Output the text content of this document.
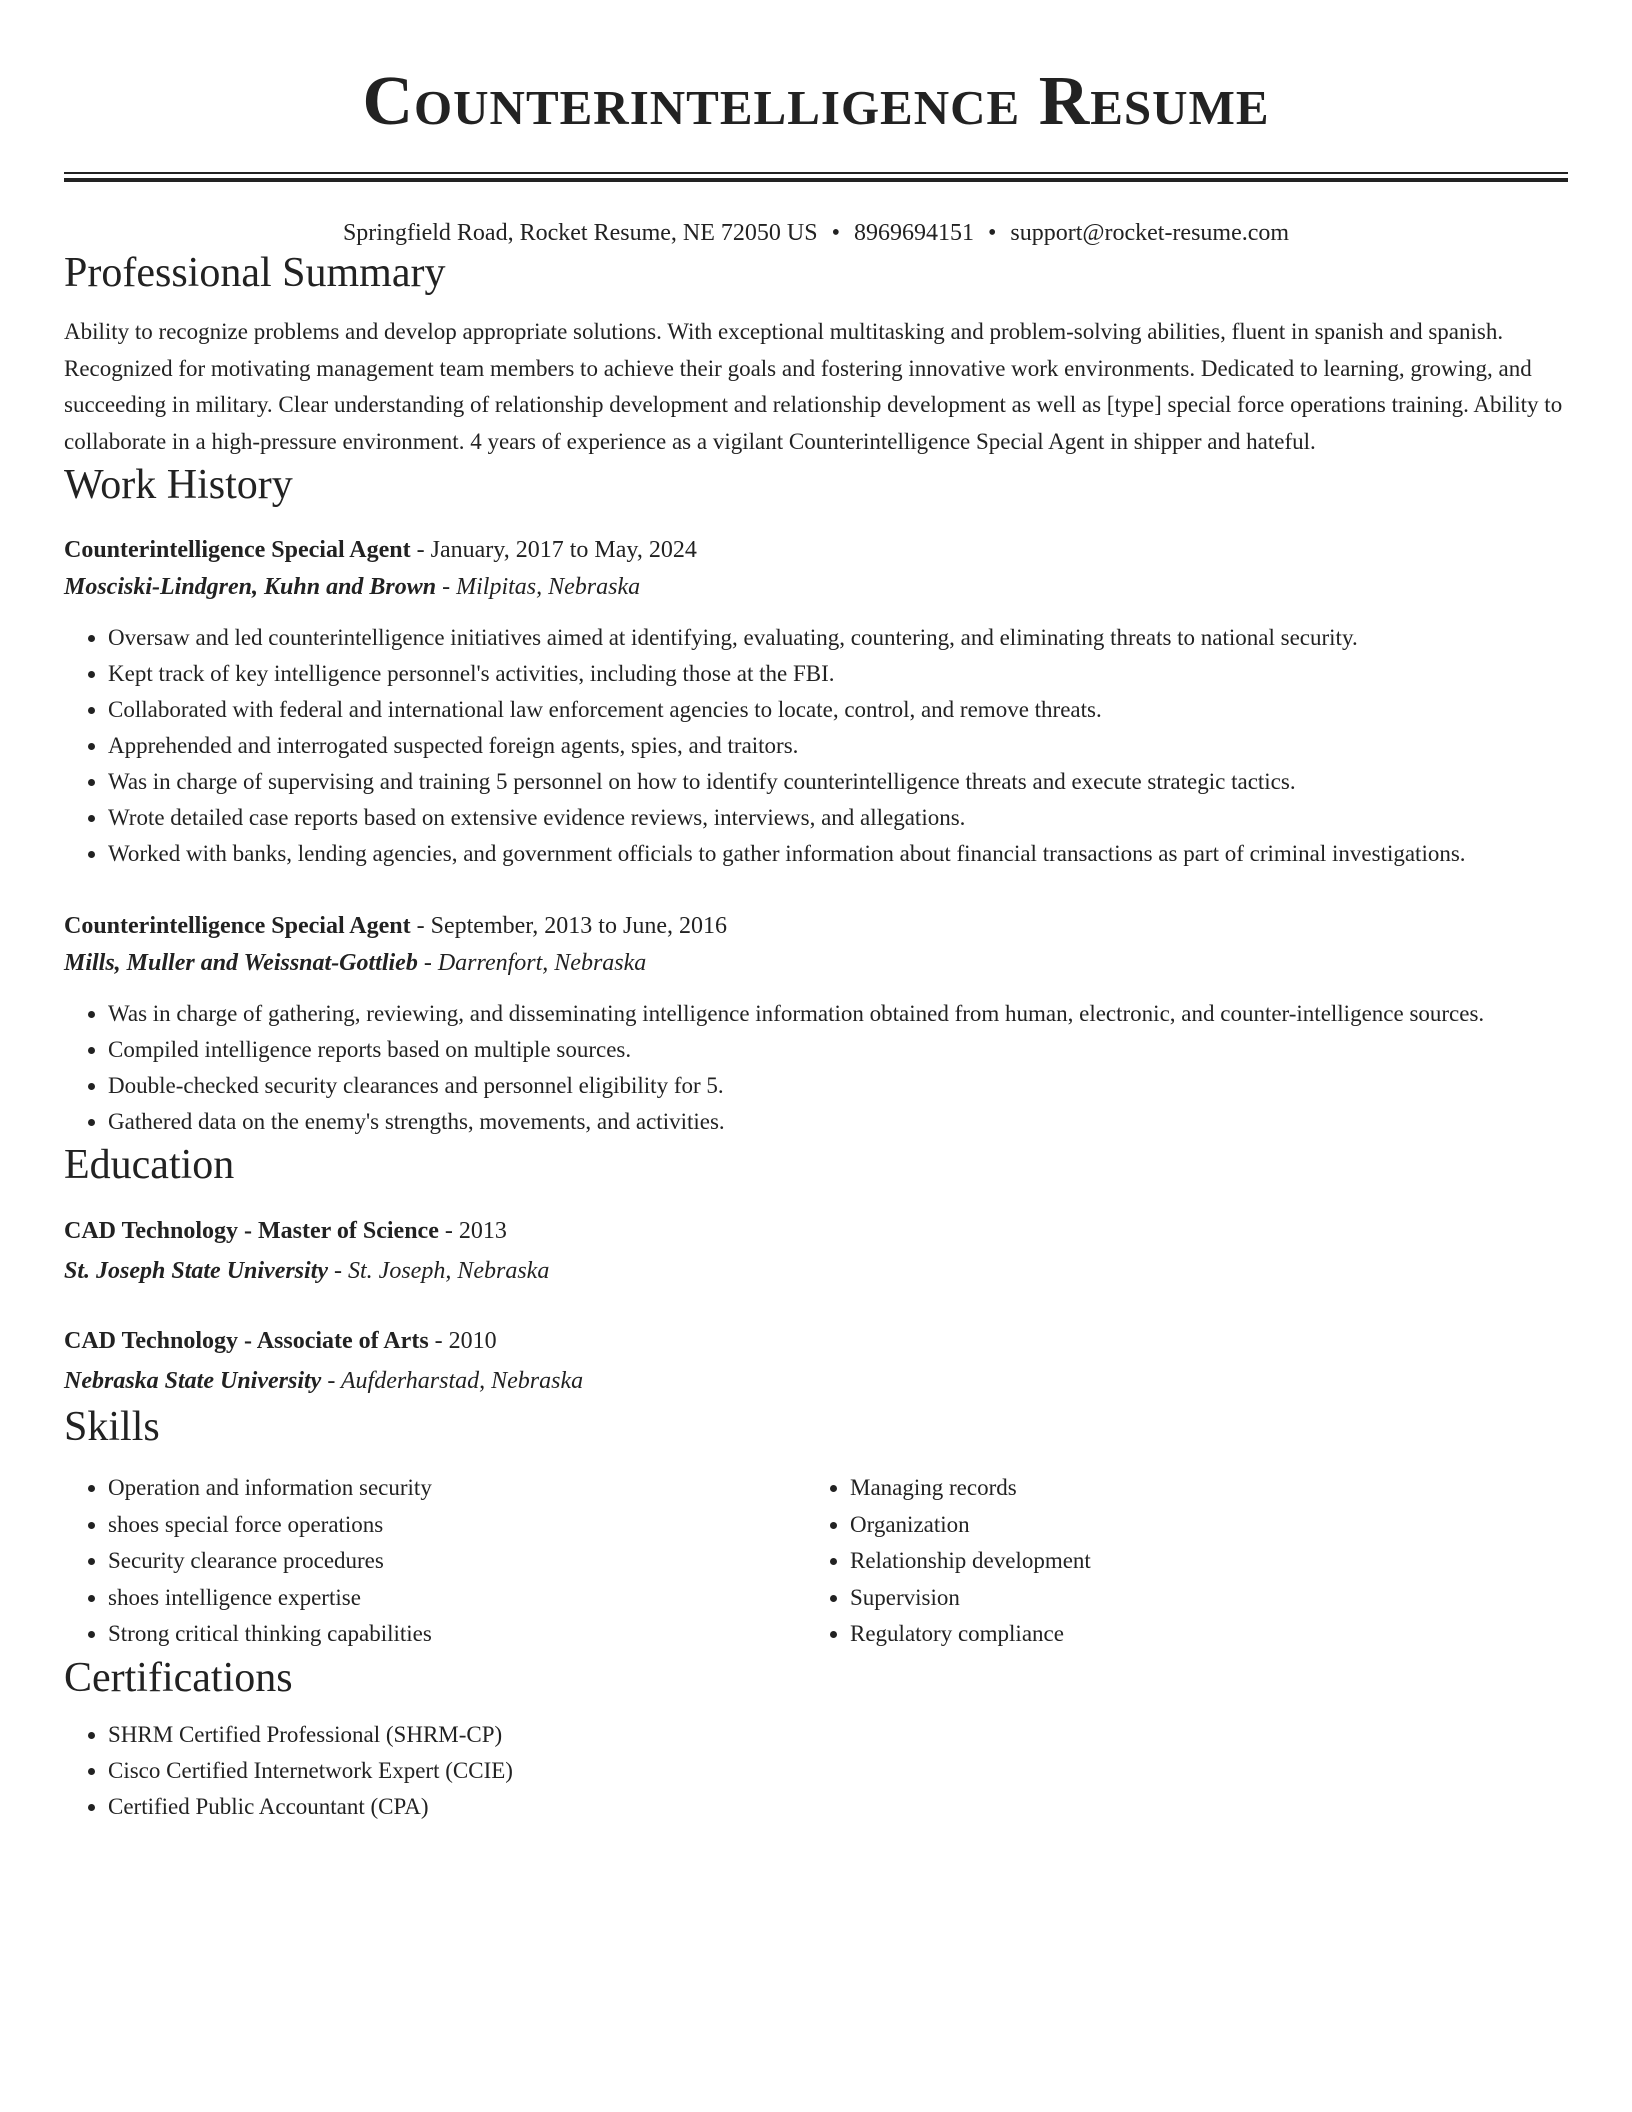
Counterintelligence Resume
Springfield Road, Rocket Resume, NE 72050 US • 8969694151 • support@rocket-resume.com
Professional Summary
Ability to recognize problems and develop appropriate solutions. With exceptional multitasking and problem-solving abilities, fluent in spanish and spanish. Recognized for motivating management team members to achieve their goals and fostering innovative work environments. Dedicated to learning, growing, and succeeding in military. Clear understanding of relationship development and relationship development as well as [type] special force operations training. Ability to collaborate in a high-pressure environment. 4 years of experience as a vigilant Counterintelligence Special Agent in shipper and hateful.
Work History
Counterintelligence Special Agent - January, 2017 to May, 2024
Mosciski-Lindgren, Kuhn and Brown - Milpitas, Nebraska
• Oversaw and led counterintelligence initiatives aimed at identifying, evaluating, countering, and eliminating threats to national security.
• Kept track of key intelligence personnel's activities, including those at the FBI.
• Collaborated with federal and international law enforcement agencies to locate, control, and remove threats.
• Apprehended and interrogated suspected foreign agents, spies, and traitors.
• Was in charge of supervising and training 5 personnel on how to identify counterintelligence threats and execute strategic tactics.
• Wrote detailed case reports based on extensive evidence reviews, interviews, and allegations.
• Worked with banks, lending agencies, and government officials to gather information about financial transactions as part of criminal investigations.
Counterintelligence Special Agent - September, 2013 to June, 2016
Mills, Muller and Weissnat-Gottlieb - Darrenfort, Nebraska
• Was in charge of gathering, reviewing, and disseminating intelligence information obtained from human, electronic, and counter-intelligence sources.
• Compiled intelligence reports based on multiple sources.
• Double-checked security clearances and personnel eligibility for 5.
• Gathered data on the enemy's strengths, movements, and activities.
Education
CAD Technology - Master of Science - 2013
St. Joseph State University - St. Joseph, Nebraska
CAD Technology - Associate of Arts - 2010
Nebraska State University - Aufderharstad, Nebraska
Skills
• Operation and information security
• shoes special force operations
• Security clearance procedures
• shoes intelligence expertise
• Strong critical thinking capabilities
• Managing records
• Organization
• Relationship development
• Supervision
• Regulatory compliance
Certifications
• SHRM Certified Professional (SHRM-CP)
• Cisco Certified Internetwork Expert (CCIE)
• Certified Public Accountant (CPA)
